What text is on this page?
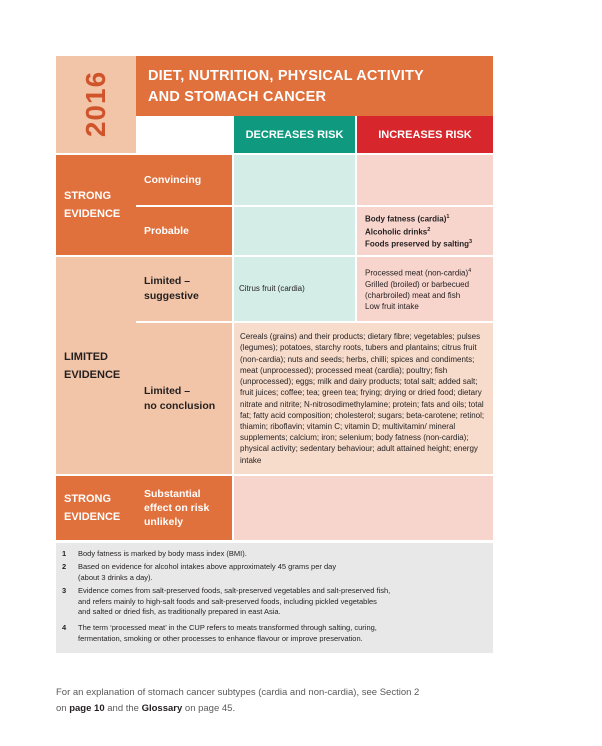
2016	DIET, NUTRITION, PHYSICAL ACTIVITY
AND STOMACH CANCER
DECREASES RISK	INCREASES RISK
STRONG
EVIDENCE
Convincing
Probable
Body fatness (cardia)$^1$
Alcoholic drinks$^2$
Foods preserved by salting$^3$
LIMITED
EVIDENCE
Limited –
suggestive
Citrus fruit (cardia)
Processed meat (non-cardia)$^4$
Grilled (broiled) or barbecued
(charbroiled) meat and fish
Low fruit intake
Limited –
no conclusion
Cereals (grains) and their products; dietary fibre; vegetables; pulses (legumes); potatoes, starchy roots, tubers and plantains; citrus fruit (non-cardia); nuts and seeds; herbs, chilli; spices and condiments; meat (unprocessed); processed meat (cardia); poultry; fish (unprocessed); eggs; milk and dairy products; total salt; added salt; fruit juices; coffee; tea; green tea; frying; drying or dried food; dietary nitrate and nitrite; N-nitrosodimethylamine; protein; fats and oils; total fat; fatty acid composition; cholesterol; sugars; beta-carotene; retinol; thiamin; riboflavin; vitamin C; vitamin D; multivitamin/ mineral supplements; calcium; iron; selenium; body fatness (non-cardia); physical activity; sedentary behaviour; adult attained height; energy intake
STRONG
EVIDENCE
Substantial
effect on risk
unlikely
1 Body fatness is marked by body mass index (BMI).
2 Based on evidence for alcohol intakes above approximately 45 grams per day
(about 3 drinks a day).
3 Evidence comes from salt-preserved foods, salt-preserved vegetables and salt-preserved fish,
and refers mainly to high-salt foods and salt-preserved foods, including pickled vegetables
and salted or dried fish, as traditionally prepared in east Asia.
4 The term ‘processed meat’ in the CUP refers to meats transformed through salting, curing,
fermentation, smoking or other processes to enhance flavour or improve preservation.
For an explanation of stomach cancer subtypes (cardia and non-cardia), see Section 2
on page 10 and the Glossary on page 45.
